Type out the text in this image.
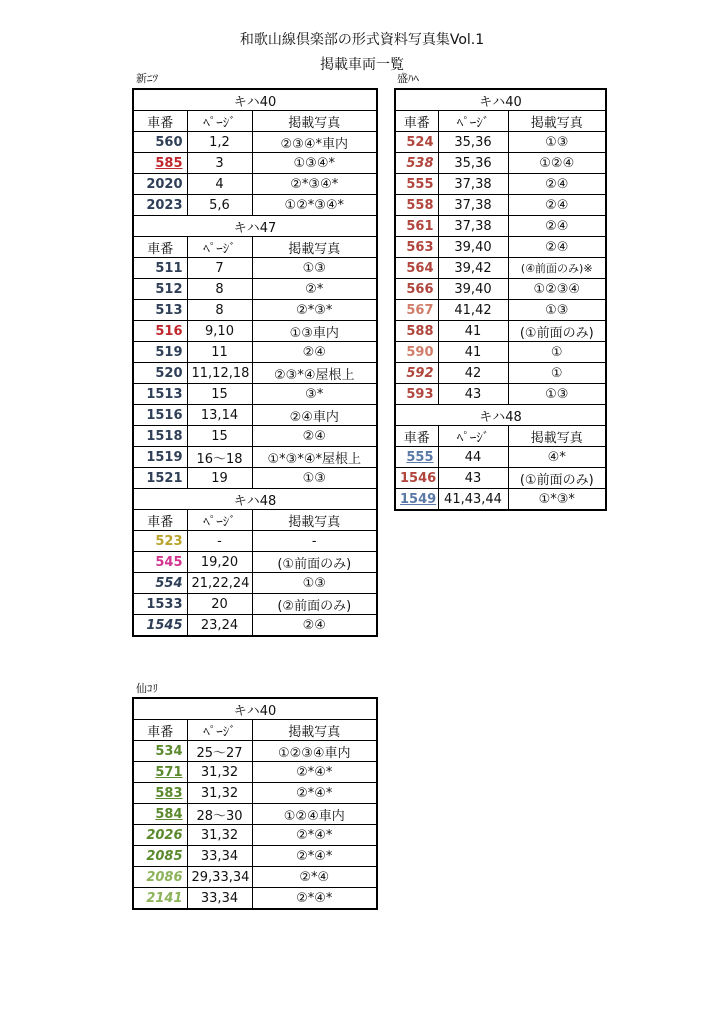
和歌山線倶楽部の形式資料写真集Vol.1
掲載車両一覧
新ﾆﾂ	盛ﾊﾍ
仙ｺﾘ
キハ40		
車番	ﾍﾟｰｼﾞ	掲載写真
560	1,2	②③④*車内
585	3	①③④*
2020	4	②*③④*
2023	5,6	①②*③④*
キハ47		
車番	ﾍﾟｰｼﾞ	掲載写真
511	7	①③
512	8	②*
513	8	②*③*
516	9,10	①③車内
519	11	②④
520	11,12,18	②③*④屋根上
1513	15	③*
1516	13,14	②④車内
1518	15	②④
1519	16～18	①*③*④*屋根上
1521	19	①③
キハ48		
車番	ﾍﾟｰｼﾞ	掲載写真
523	-	-
545	19,20	(①前面のみ)
554	21,22,24	①③
1533	20	(②前面のみ)
1545	23,24	②④
キハ40		
車番	ﾍﾟｰｼﾞ	掲載写真
534	25～27	①②③④車内
571	31,32	②*④*
583	31,32	②*④*
584	28～30	①②④車内
2026	31,32	②*④*
2085	33,34	②*④*
2086	29,33,34	②*④
2141	33,34	②*④*
キハ40		
車番	ﾍﾟｰｼﾞ	掲載写真
524	35,36	①③
538	35,36	①②④
555	37,38	②④
558	37,38	②④
561	37,38	②④
563	39,40	②④
564	39,42	(④前面のみ)※
566	39,40	①②③④
567	41,42	①③
588	41	(①前面のみ)
590	41	①
592	42	①
593	43	①③
キハ48		
車番	ﾍﾟｰｼﾞ	掲載写真
555	44	④*
1546	43	(①前面のみ)
1549	41,43,44	①*③*
